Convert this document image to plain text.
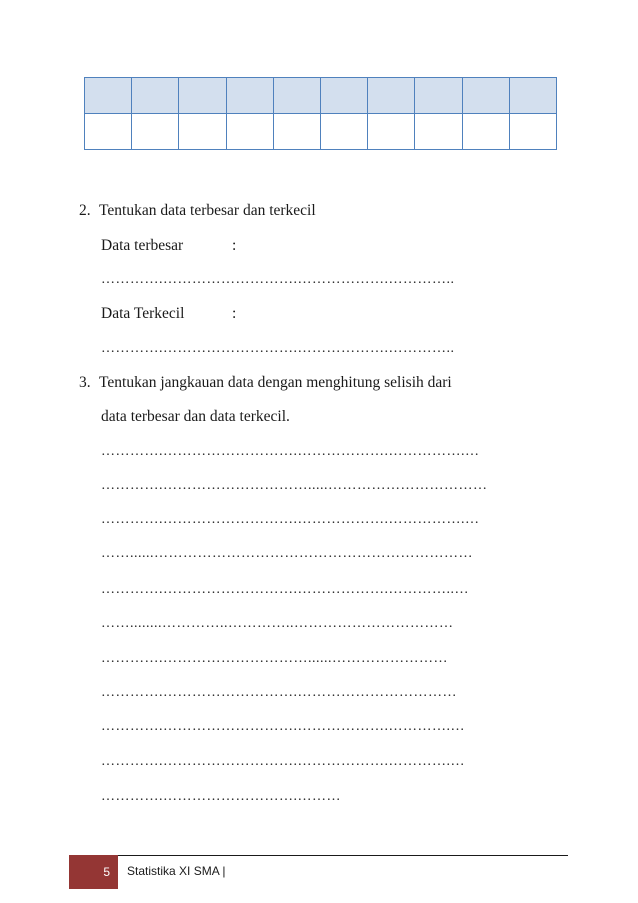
2. Tentukan data terbesar dan terkecil
Data terbesar	:
………….……………………….……………….…………..
Data Terkecil	:
………….……………………….……………….…………..
3. Tentukan jangkauan data dengan menghitung selisih dari
data terbesar dan data terkecil.
………….……………………….……………….…………….…
………….………………………….....……………………………
………….……………………….……………….…………….…
……......…………………………………………………………
………….……………………….……………….…………..…
……........…………..…………..……………………………
………….…………………………......……………………
………….……………………….……………………………
………….……………………….……………….………….…
………….……………………….……………….………….…
………….……………………….………
5 Statistika XI SMA |
